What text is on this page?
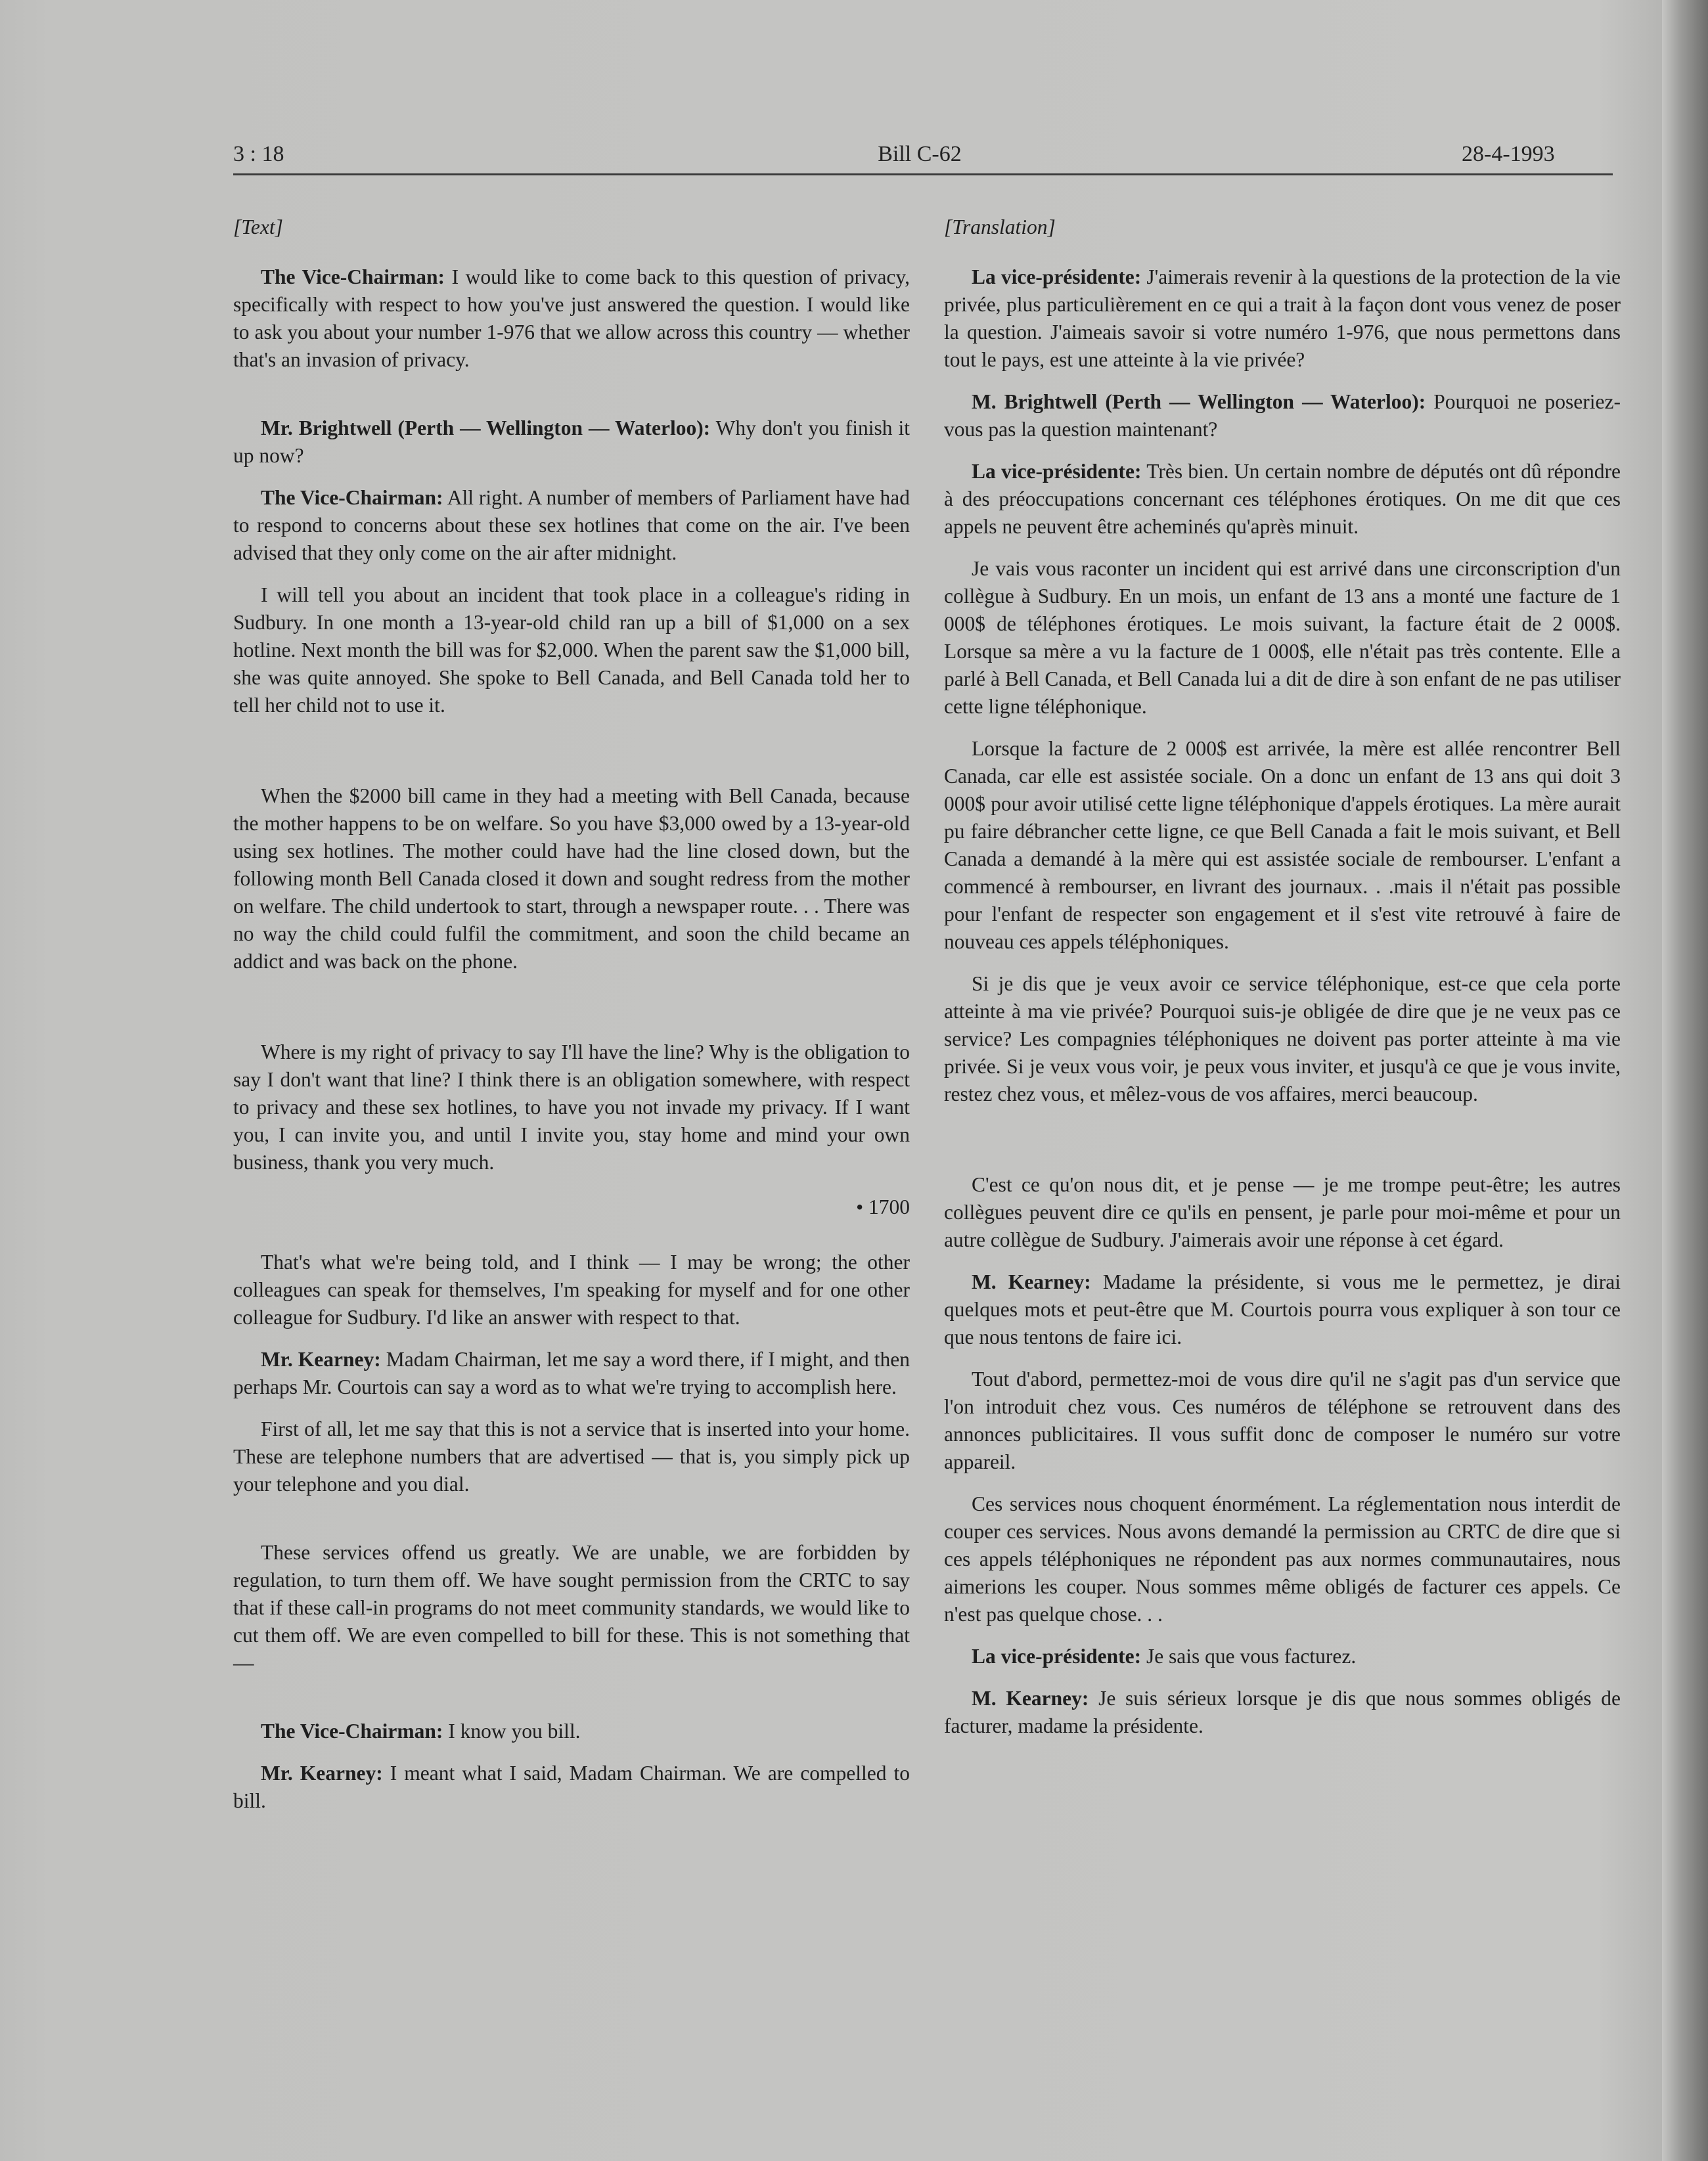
3 : 18	Bill C-62	28-4-1993
[Text]

The Vice-Chairman: I would like to come back to this question of privacy, specifically with respect to how you've just answered the question. I would like to ask you about your number 1-976 that we allow across this country — whether that's an invasion of privacy.

Mr. Brightwell (Perth — Wellington — Waterloo): Why don't you finish it up now?

The Vice-Chairman: All right. A number of members of Parliament have had to respond to concerns about these sex hotlines that come on the air. I've been advised that they only come on the air after midnight.

I will tell you about an incident that took place in a colleague's riding in Sudbury. In one month a 13-year-old child ran up a bill of $1,000 on a sex hotline. Next month the bill was for $2,000. When the parent saw the $1,000 bill, she was quite annoyed. She spoke to Bell Canada, and Bell Canada told her to tell her child not to use it.

When the $2000 bill came in they had a meeting with Bell Canada, because the mother happens to be on welfare. So you have $3,000 owed by a 13-year-old using sex hotlines. The mother could have had the line closed down, but the following month Bell Canada closed it down and sought redress from the mother on welfare. The child undertook to start, through a newspaper route. . . There was no way the child could fulfil the commitment, and soon the child became an addict and was back on the phone.

Where is my right of privacy to say I'll have the line? Why is the obligation to say I don't want that line? I think there is an obligation somewhere, with respect to privacy and these sex hotlines, to have you not invade my privacy. If I want you, I can invite you, and until I invite you, stay home and mind your own business, thank you very much.

• 1700

That's what we're being told, and I think — I may be wrong; the other colleagues can speak for themselves, I'm speaking for myself and for one other colleague for Sudbury. I'd like an answer with respect to that.

Mr. Kearney: Madam Chairman, let me say a word there, if I might, and then perhaps Mr. Courtois can say a word as to what we're trying to accomplish here.

First of all, let me say that this is not a service that is inserted into your home. These are telephone numbers that are advertised — that is, you simply pick up your telephone and you dial.

These services offend us greatly. We are unable, we are forbidden by regulation, to turn them off. We have sought permission from the CRTC to say that if these call-in programs do not meet community standards, we would like to cut them off. We are even compelled to bill for these. This is not something that —

The Vice-Chairman: I know you bill.

Mr. Kearney: I meant what I said, Madam Chairman. We are compelled to bill.

[Translation]

La vice-présidente: J'aimerais revenir à la questions de la protection de la vie privée, plus particulièrement en ce qui a trait à la façon dont vous venez de poser la question. J'aimeais savoir si votre numéro 1-976, que nous permettons dans tout le pays, est une atteinte à la vie privée?

M. Brightwell (Perth — Wellington — Waterloo): Pourquoi ne poseriez-vous pas la question maintenant?

La vice-présidente: Très bien. Un certain nombre de députés ont dû répondre à des préoccupations concernant ces téléphones érotiques. On me dit que ces appels ne peuvent être acheminés qu'après minuit.

Je vais vous raconter un incident qui est arrivé dans une circonscription d'un collègue à Sudbury. En un mois, un enfant de 13 ans a monté une facture de 1 000$ de téléphones érotiques. Le mois suivant, la facture était de 2 000$. Lorsque sa mère a vu la facture de 1 000$, elle n'était pas très contente. Elle a parlé à Bell Canada, et Bell Canada lui a dit de dire à son enfant de ne pas utiliser cette ligne téléphonique.

Lorsque la facture de 2 000$ est arrivée, la mère est allée rencontrer Bell Canada, car elle est assistée sociale. On a donc un enfant de 13 ans qui doit 3 000$ pour avoir utilisé cette ligne téléphonique d'appels érotiques. La mère aurait pu faire débrancher cette ligne, ce que Bell Canada a fait le mois suivant, et Bell Canada a demandé à la mère qui est assistée sociale de rembourser. L'enfant a commencé à rembourser, en livrant des journaux. . .mais il n'était pas possible pour l'enfant de respecter son engagement et il s'est vite retrouvé à faire de nouveau ces appels téléphoniques.

Si je dis que je veux avoir ce service téléphonique, est-ce que cela porte atteinte à ma vie privée? Pourquoi suis-je obligée de dire que je ne veux pas ce service? Les compagnies téléphoniques ne doivent pas porter atteinte à ma vie privée. Si je veux vous voir, je peux vous inviter, et jusqu'à ce que je vous invite, restez chez vous, et mêlez-vous de vos affaires, merci beaucoup.

C'est ce qu'on nous dit, et je pense — je me trompe peut-être; les autres collègues peuvent dire ce qu'ils en pensent, je parle pour moi-même et pour un autre collègue de Sudbury. J'aimerais avoir une réponse à cet égard.

M. Kearney: Madame la présidente, si vous me le permettez, je dirai quelques mots et peut-être que M. Courtois pourra vous expliquer à son tour ce que nous tentons de faire ici.

Tout d'abord, permettez-moi de vous dire qu'il ne s'agit pas d'un service que l'on introduit chez vous. Ces numéros de téléphone se retrouvent dans des annonces publicitaires. Il vous suffit donc de composer le numéro sur votre appareil.

Ces services nous choquent énormément. La réglementation nous interdit de couper ces services. Nous avons demandé la permission au CRTC de dire que si ces appels téléphoniques ne répondent pas aux normes communautaires, nous aimerions les couper. Nous sommes même obligés de facturer ces appels. Ce n'est pas quelque chose. . .

La vice-présidente: Je sais que vous facturez.

M. Kearney: Je suis sérieux lorsque je dis que nous sommes obligés de facturer, madame la présidente.
